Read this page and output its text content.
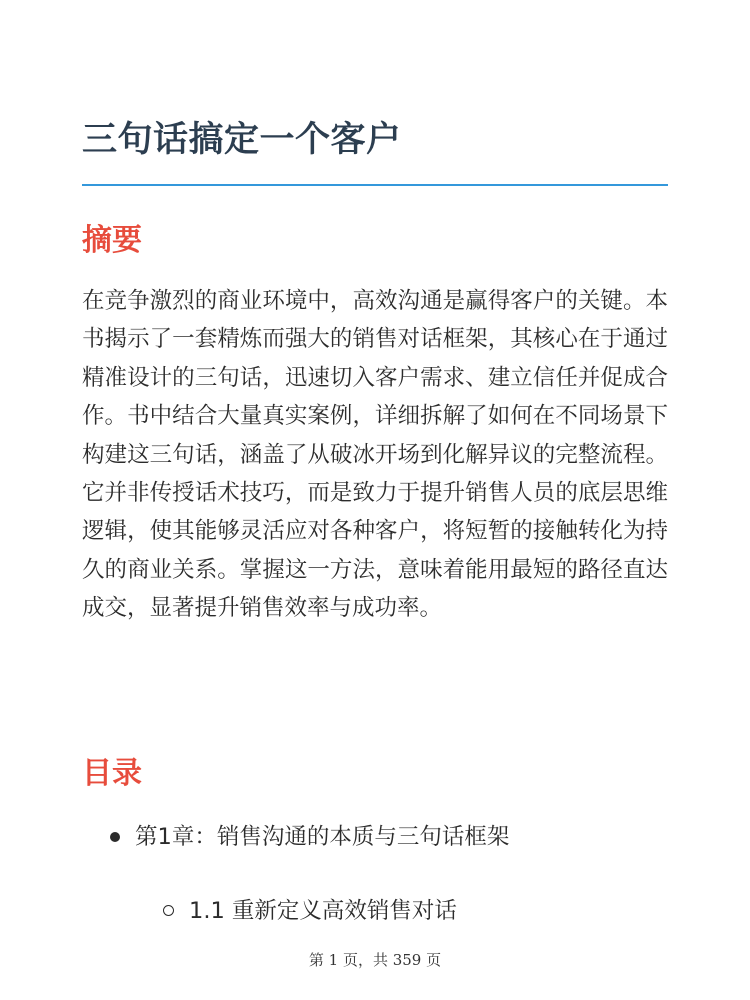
三句话搞定一个客户
摘要

在竞争激烈的商业环境中，高效沟通是赢得客户的关键。本书揭示了一套精炼而强大的销售对话框架，其核心在于通过精准设计的三句话，迅速切入客户需求、建立信任并促成合作。书中结合大量真实案例，详细拆解了如何在不同场景下构建这三句话，涵盖了从破冰开场到化解异议的完整流程。它并非传授话术技巧，而是致力于提升销售人员的底层思维逻辑，使其能够灵活应对各种客户，将短暂的接触转化为持久的商业关系。掌握这一方法，意味着能用最短的路径直达成交，显著提升销售效率与成功率。

目录
第1章：销售沟通的本质与三句话框架
1.1 重新定义高效销售对话
第 1 页，共 359 页
